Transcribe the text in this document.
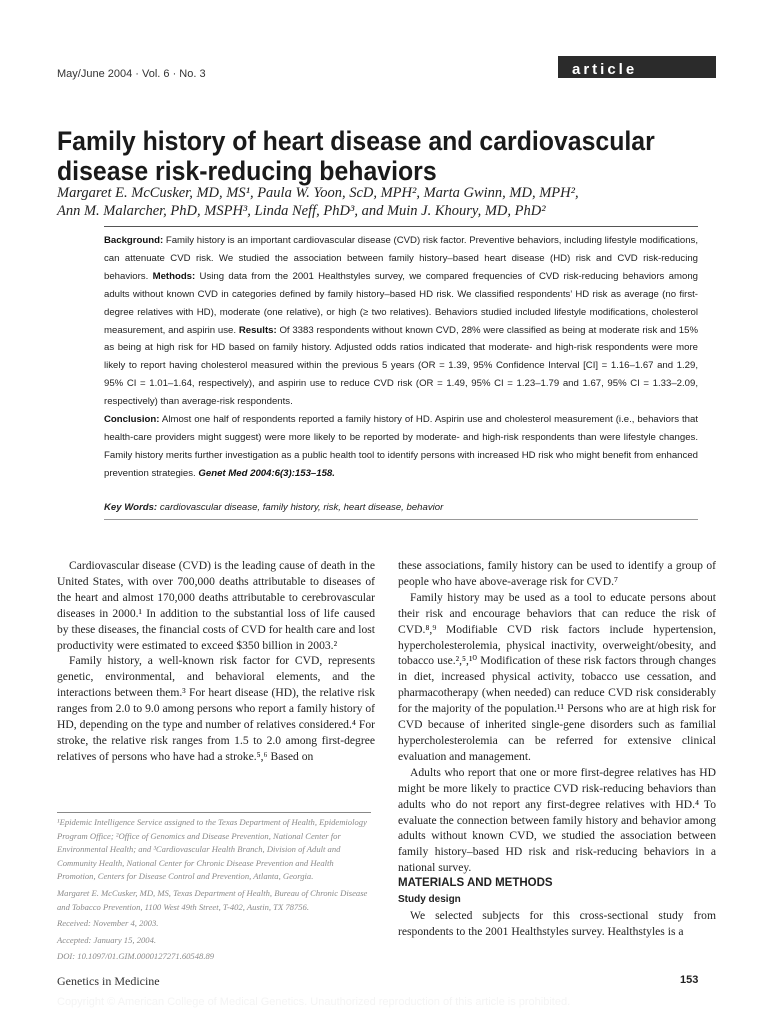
May/June 2004 · Vol. 6 · No. 3	article
Family history of heart disease and cardiovascular disease risk-reducing behaviors
Margaret E. McCusker, MD, MS¹, Paula W. Yoon, ScD, MPH², Marta Gwinn, MD, MPH²,
Ann M. Malarcher, PhD, MSPH³, Linda Neff, PhD³, and Muin J. Khoury, MD, PhD²
Background: Family history is an important cardiovascular disease (CVD) risk factor. Preventive behaviors, including lifestyle modifications, can attenuate CVD risk. We studied the association between family history–based heart disease (HD) risk and CVD risk-reducing behaviors. Methods: Using data from the 2001 Healthstyles survey, we compared frequencies of CVD risk-reducing behaviors among adults without known CVD in categories defined by family history–based HD risk. We classified respondents’ HD risk as average (no first-degree relatives with HD), moderate (one relative), or high (≥ two relatives). Behaviors studied included lifestyle modifications, cholesterol measurement, and aspirin use. Results: Of 3383 respondents without known CVD, 28% were classified as being at moderate risk and 15% as being at high risk for HD based on family history. Adjusted odds ratios indicated that moderate- and high-risk respondents were more likely to report having cholesterol measured within the previous 5 years (OR = 1.39, 95% Confidence Interval [CI] = 1.16–1.67 and 1.29, 95% CI = 1.01–1.64, respectively), and aspirin use to reduce CVD risk (OR = 1.49, 95% CI = 1.23–1.79 and 1.67, 95% CI = 1.33–2.09, respectively) than average-risk respondents.
Conclusion: Almost one half of respondents reported a family history of HD. Aspirin use and cholesterol measurement (i.e., behaviors that health-care providers might suggest) were more likely to be reported by moderate- and high-risk respondents than were lifestyle changes. Family history merits further investigation as a public health tool to identify persons with increased HD risk who might benefit from enhanced prevention strategies. Genet Med 2004:6(3):153–158.
Key Words: cardiovascular disease, family history, risk, heart disease, behavior

Cardiovascular disease (CVD) is the leading cause of death in the United States, with over 700,000 deaths attributable to diseases of the heart and almost 170,000 deaths attributable to cerebrovascular diseases in 2000.¹ In addition to the substantial loss of life caused by these diseases, the financial costs of CVD for health care and lost productivity were estimated to exceed $350 billion in 2003.²

Family history, a well-known risk factor for CVD, represents genetic, environmental, and behavioral elements, and the interactions between them.³ For heart disease (HD), the relative risk ranges from 2.0 to 9.0 among persons who report a family history of HD, depending on the type and number of relatives considered.⁴ For stroke, the relative risk ranges from 1.5 to 2.0 among first-degree relatives of persons who have had a stroke.⁵,⁶ Based on

¹Epidemic Intelligence Service assigned to the Texas Department of Health, Epidemiology Program Office; ²Office of Genomics and Disease Prevention, National Center for Environmental Health; and ³Cardiovascular Health Branch, Division of Adult and Community Health, National Center for Chronic Disease Prevention and Health Promotion, Centers for Disease Control and Prevention, Atlanta, Georgia.

Margaret E. McCusker, MD, MS, Texas Department of Health, Bureau of Chronic Disease and Tobacco Prevention, 1100 West 49th Street, T-402, Austin, TX 78756.

Received: November 4, 2003.

Accepted: January 15, 2004.

DOI: 10.1097/01.GIM.0000127271.60548.89

these associations, family history can be used to identify a group of people who have above-average risk for CVD.⁷

Family history may be used as a tool to educate persons about their risk and encourage behaviors that can reduce the risk of CVD.⁸,⁹ Modifiable CVD risk factors include hypertension, hypercholesterolemia, physical inactivity, overweight/obesity, and tobacco use.²,⁵,¹⁰ Modification of these risk factors through changes in diet, increased physical activity, tobacco use cessation, and pharmacotherapy (when needed) can reduce CVD risk considerably for the majority of the population.¹¹ Persons who are at high risk for CVD because of inherited single-gene disorders such as familial hypercholesterolemia can be referred for extensive clinical evaluation and management.

Adults who report that one or more first-degree relatives has HD might be more likely to practice CVD risk-reducing behaviors than adults who do not report any first-degree relatives with HD.⁴ To evaluate the connection between family history and behavior among adults without known CVD, we studied the association between family history–based HD risk and risk-reducing behaviors in a national survey.

MATERIALS AND METHODS

Study design

We selected subjects for this cross-sectional study from respondents to the 2001 Healthstyles survey. Healthstyles is a

Genetics in Medicine	153
Copyright © American College of Medical Genetics. Unauthorized reproduction of this article is prohibited.
